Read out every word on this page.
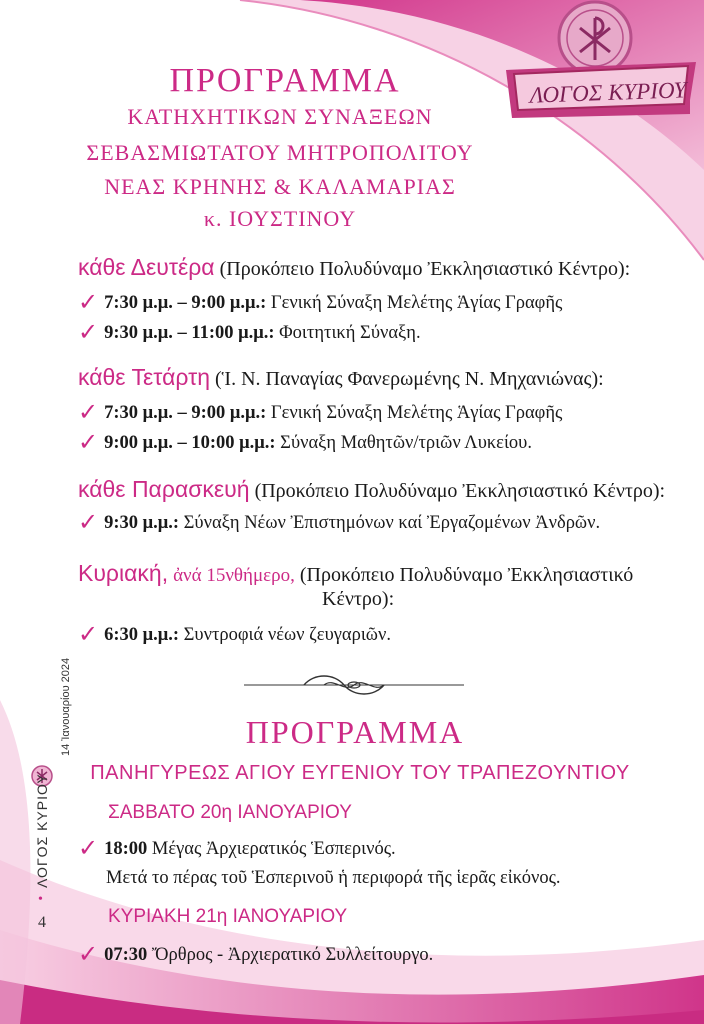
ΛΟΓΟΣ ΚΥΡΙΟΥ
ΠΡΟΓΡΑΜΜΑ
ΚΑΤΗΧΗΤΙΚΩΝ ΣΥΝΑΞΕΩΝ
ΣΕΒΑΣΜΙΩΤΑΤΟΥ ΜΗΤΡΟΠΟΛΙΤΟΥ
ΝΕΑΣ ΚΡΗΝΗΣ & ΚΑΛΑΜΑΡΙΑΣ
κ. ΙΟΥΣΤΙΝΟΥ
κάθε Δευτέρα (Προκόπειο Πολυδύναμο Ἐκκλησιαστικό Κέντρο):
✓ 7:30 μ.μ. – 9:00 μ.μ.: Γενική Σύναξη Μελέτης Ἁγίας Γραφῆς
✓ 9:30 μ.μ. – 11:00 μ.μ.: Φοιτητική Σύναξη.
κάθε Τετάρτη (Ἱ. Ν. Παναγίας Φανερωμένης Ν. Μηχανιώνας):
✓ 7:30 μ.μ. – 9:00 μ.μ.: Γενική Σύναξη Μελέτης Ἁγίας Γραφῆς
✓ 9:00 μ.μ. – 10:00 μ.μ.: Σύναξη Μαθητῶν/τριῶν Λυκείου.
κάθε Παρασκευή (Προκόπειο Πολυδύναμο Ἐκκλησιαστικό Κέντρο):
✓ 9:30 μ.μ.: Σύναξη Νέων Ἐπιστημόνων καί Ἐργαζομένων Ἀνδρῶν.
Κυριακή, ἀνά 15νθήμερο, (Προκόπειο Πολυδύναμο Ἐκκλησιαστικό
Κέντρο):
✓ 6:30 μ.μ.: Συντροφιά νέων ζευγαριῶν.
ΠΡΟΓΡΑΜΜΑ
ΠΑΝΗΓΥΡΕΩΣ ΑΓΙΟΥ ΕΥΓΕΝΙΟΥ ΤΟΥ ΤΡΑΠΕΖΟΥΝΤΙΟΥ
ΣΑΒΒΑΤΟ 20η ΙΑΝΟΥΑΡΙΟΥ
✓ 18:00 Μέγας Ἀρχιερατικός Ἑσπερινός.
Μετά το πέρας τοῦ Ἑσπερινοῦ ἡ περιφορά τῆς ἱερᾶς εἰκόνος.
ΚΥΡΙΑΚΗ 21η ΙΑΝΟΥΑΡΙΟΥ
✓ 07:30 Ὄρθρος - Ἀρχιερατικό Συλλείτουργο.
14 Ἰανουαρίου 2024
ΛΟΓΟΣ ΚΥΡΙΟΥ
•
4
